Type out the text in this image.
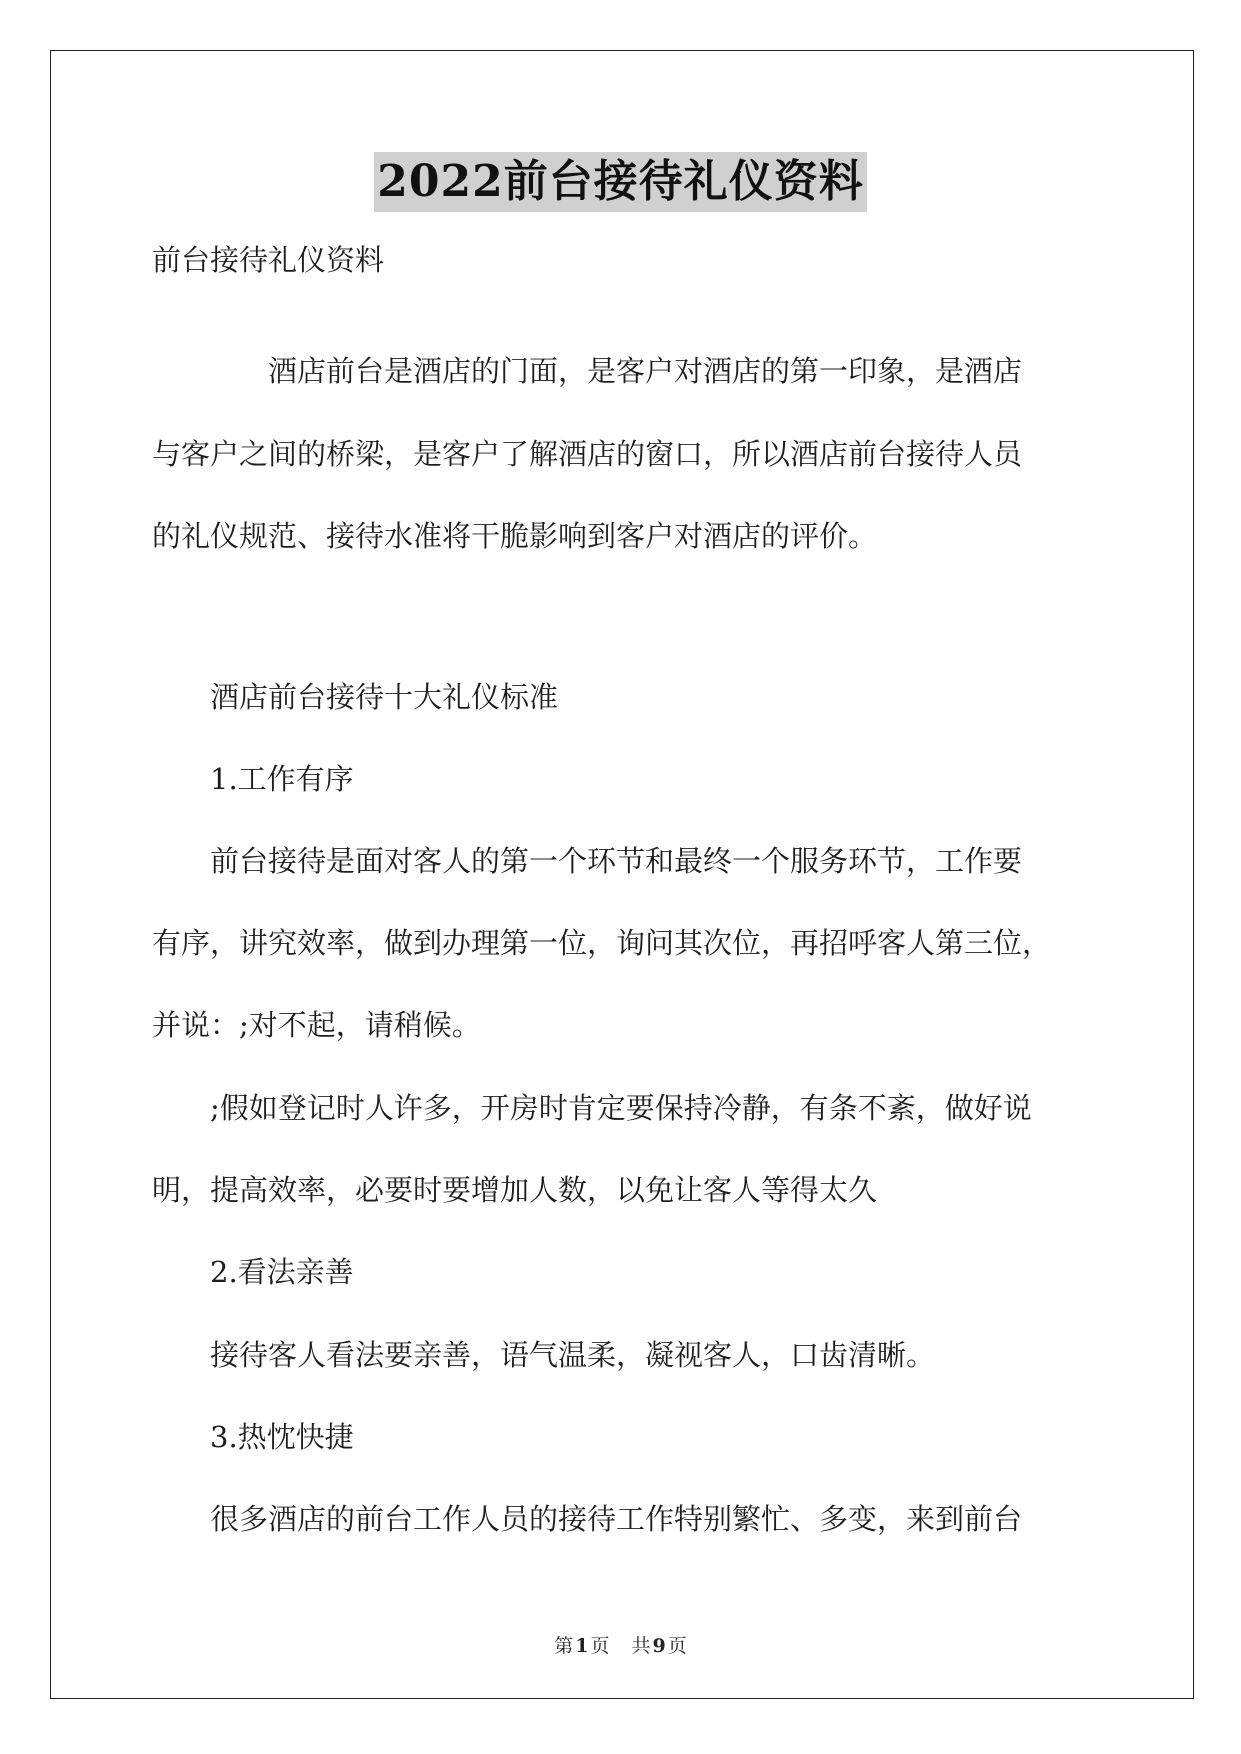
2022前台接待礼仪资料
前台接待礼仪资料
　　　　酒店前台是酒店的门面，是客户对酒店的第一印象，是酒店
与客户之间的桥梁，是客户了解酒店的窗口，所以酒店前台接待人员
的礼仪规范、接待水准将干脆影响到客户对酒店的评价。
　　酒店前台接待十大礼仪标准
　　1.工作有序
　　前台接待是面对客人的第一个环节和最终一个服务环节，工作要
有序，讲究效率，做到办理第一位，询问其次位，再招呼客人第三位，
并说：;对不起，请稍候。
　　;假如登记时人许多，开房时肯定要保持冷静，有条不紊，做好说
明，提高效率，必要时要增加人数，以免让客人等得太久
　　2.看法亲善
　　接待客人看法要亲善，语气温柔，凝视客人，口齿清晰。
　　3.热忱快捷
　　很多酒店的前台工作人员的接待工作特别繁忙、多变，来到前台
第 1 页 共 9 页
